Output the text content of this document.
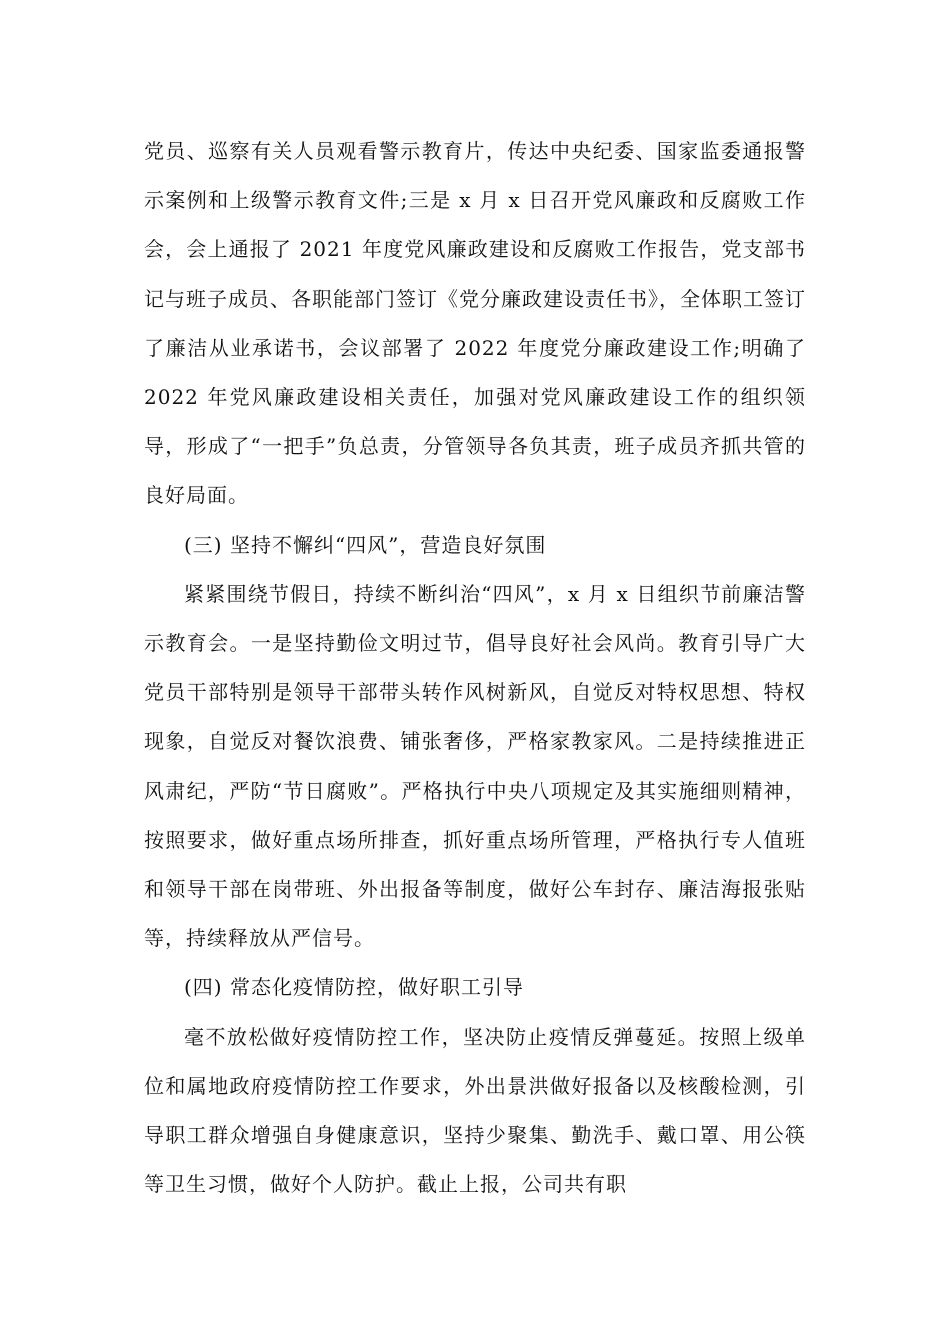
党员、巡察有关人员观看警示教育片，传达中央纪委、国家监委通报警示案例和上级警示教育文件;三是 x 月 x 日召开党风廉政和反腐败工作会，会上通报了 2021 年度党风廉政建设和反腐败工作报告，党支部书记与班子成员、各职能部门签订《党分廉政建设责任书》，全体职工签订了廉洁从业承诺书，会议部署了 2022 年度党分廉政建设工作;明确了 2022 年党风廉政建设相关责任，加强对党风廉政建设工作的组织领导，形成了“一把手”负总责，分管领导各负其责，班子成员齐抓共管的良好局面。

(三) 坚持不懈纠“四风”，营造良好氛围

紧紧围绕节假日，持续不断纠治“四风”，x 月 x 日组织节前廉洁警示教育会。一是坚持勤俭文明过节，倡导良好社会风尚。教育引导广大党员干部特别是领导干部带头转作风树新风，自觉反对特权思想、特权现象，自觉反对餐饮浪费、铺张奢侈，严格家教家风。二是持续推进正风肃纪，严防“节日腐败”。严格执行中央八项规定及其实施细则精神，按照要求，做好重点场所排查，抓好重点场所管理，严格执行专人值班和领导干部在岗带班、外出报备等制度，做好公车封存、廉洁海报张贴等，持续释放从严信号。

(四) 常态化疫情防控，做好职工引导

毫不放松做好疫情防控工作，坚决防止疫情反弹蔓延。按照上级单位和属地政府疫情防控工作要求，外出景洪做好报备以及核酸检测，引导职工群众增强自身健康意识，坚持少聚集、勤洗手、戴口罩、用公筷等卫生习惯，做好个人防护。截止上报，公司共有职
